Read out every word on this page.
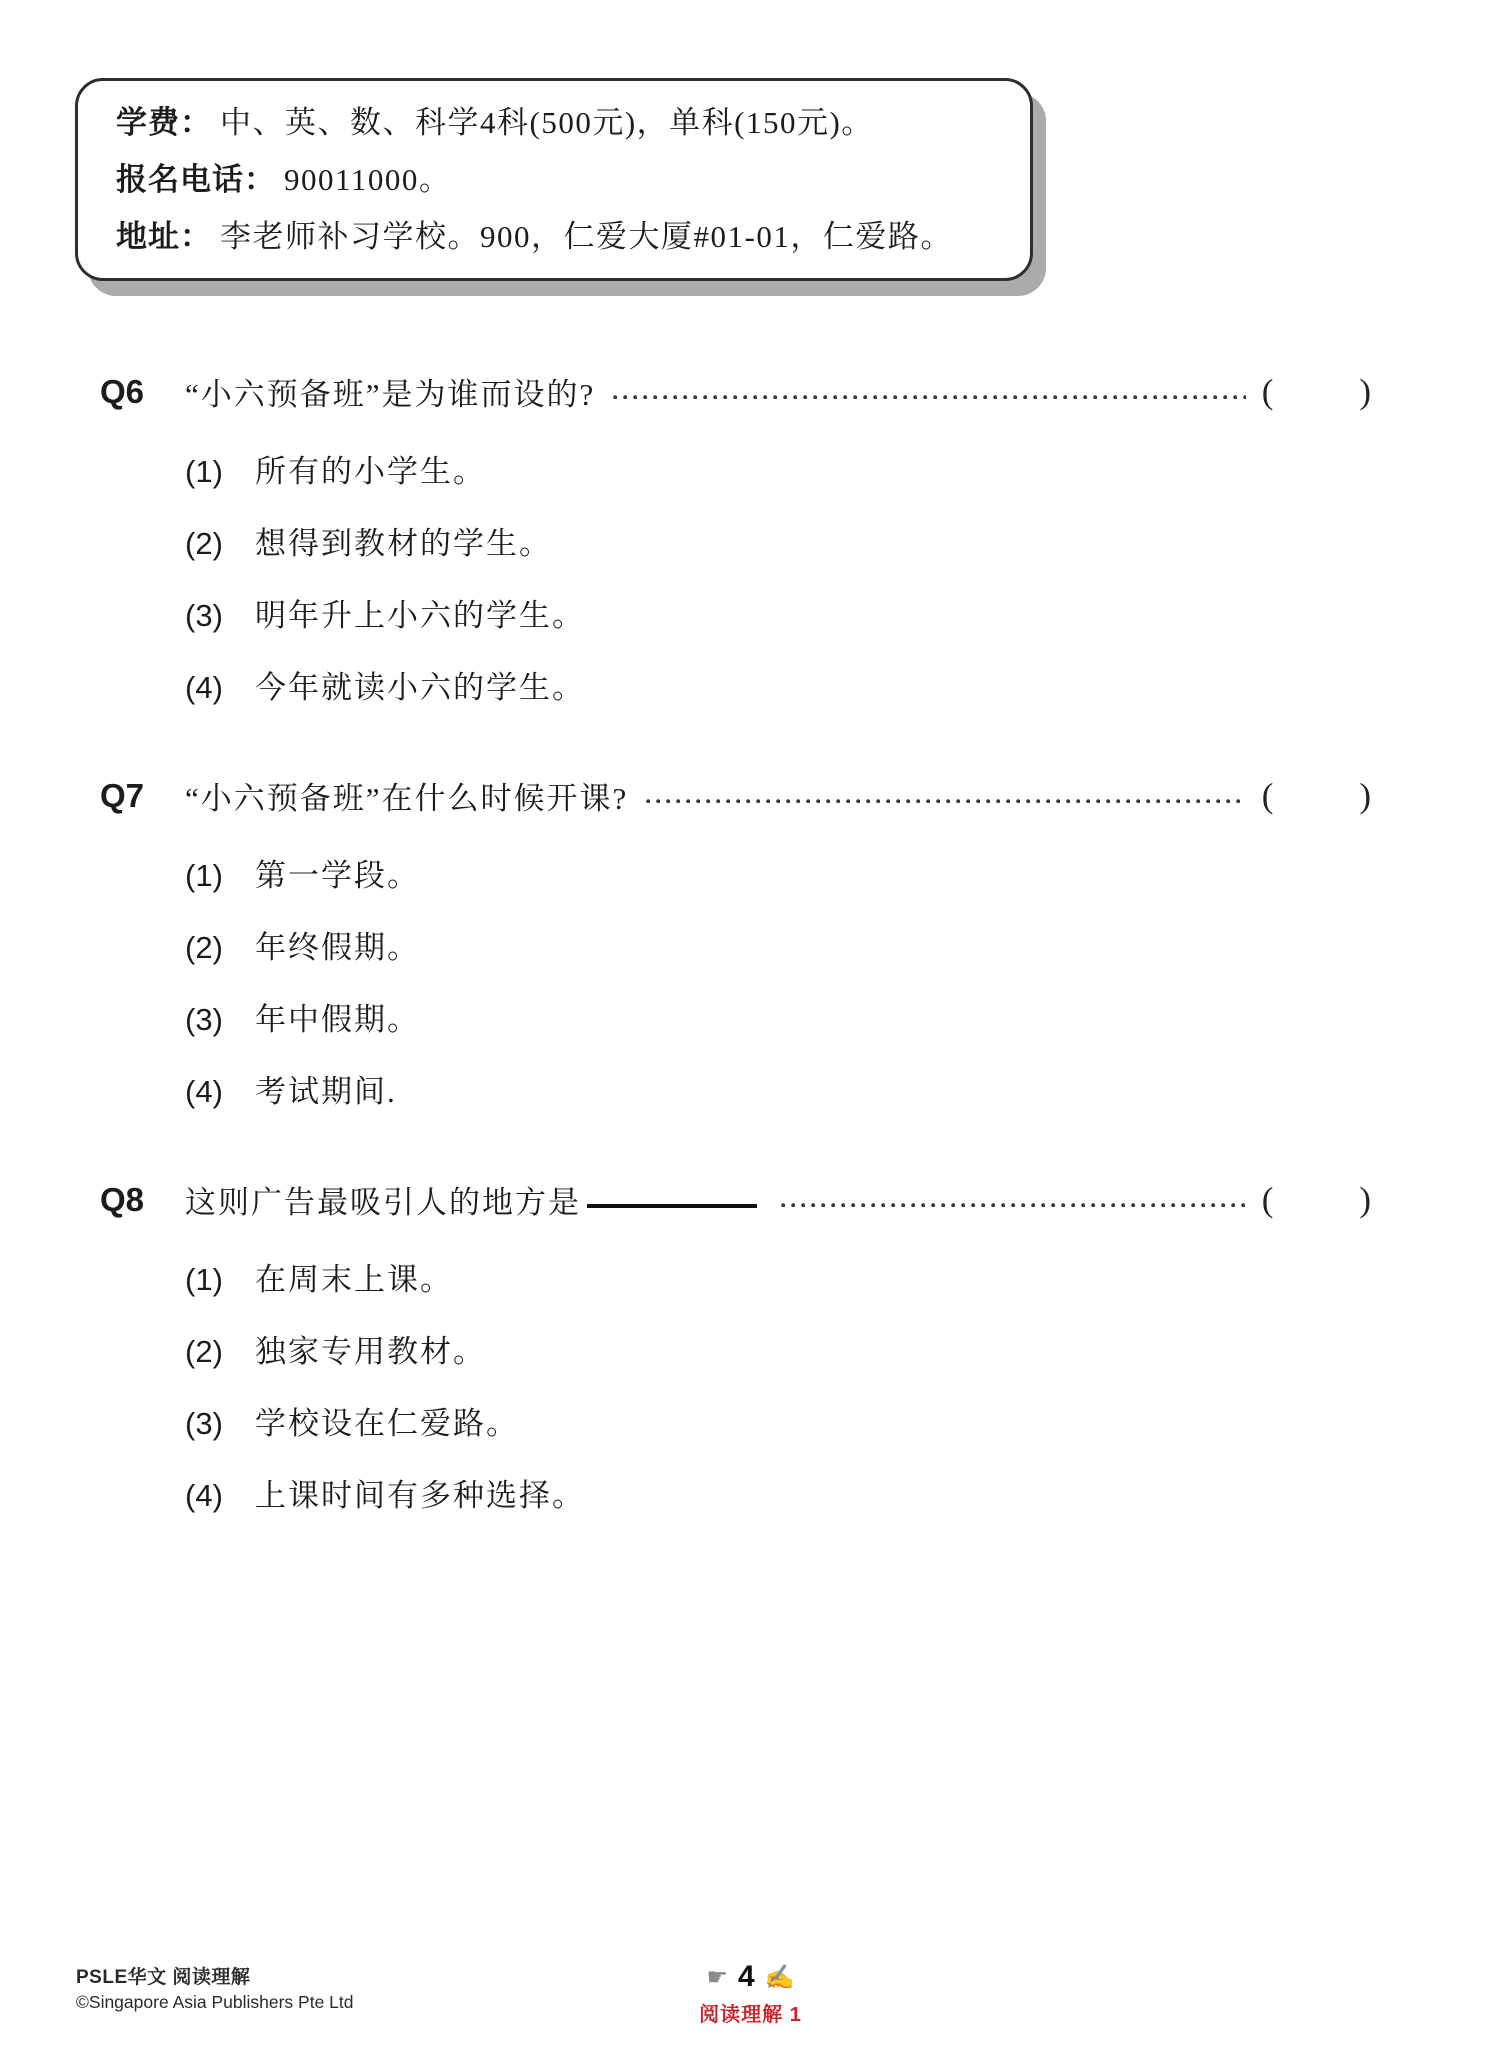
学费： 中、英、数、科学4科(500元)，单科(150元)。
报名电话： 90011000。
地址： 李老师补习学校。900，仁爱大厦#01-01，仁爱路。
Q6	“小六预备班”是为谁而设的?	( )
(1)	所有的小学生。
(2)	想得到教材的学生。
(3)	明年升上小六的学生。
(4)	今年就读小六的学生。
Q7	“小六预备班”在什么时候开课?	( )
(1)	第一学段。
(2)	年终假期。
(3)	年中假期。
(4)	考试期间.
Q8	这则广告最吸引人的地方是	( )
(1)	在周末上课。
(2)	独家专用教材。
(3)	学校设在仁爱路。
(4)	上课时间有多种选择。
PSLE华文 阅读理解
©Singapore Asia Publishers Pte Ltd
☛ 4 ✍
阅读理解 1
